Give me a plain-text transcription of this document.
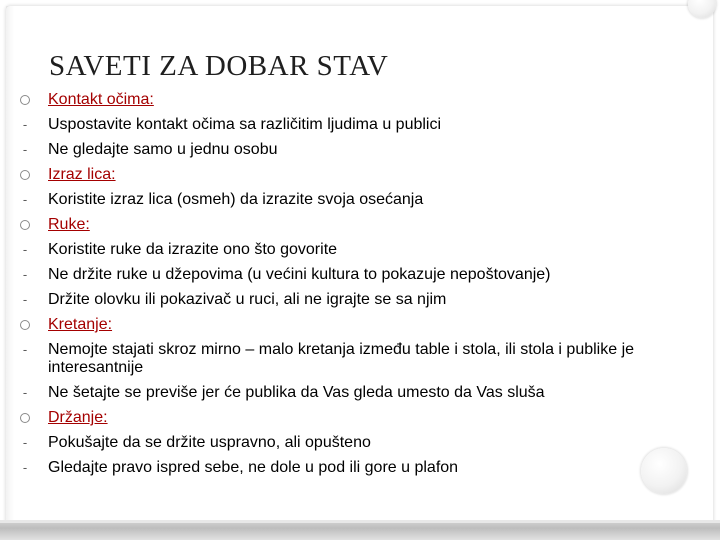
SAVETI ZA DOBAR STAV
Kontakt očima:
- Uspostavite kontakt očima sa različitim ljudima u publici
- Ne gledajte samo u jednu osobu
Izraz lica:
- Koristite izraz lica (osmeh) da izrazite svoja osećanja
Ruke:
- Koristite ruke da izrazite ono što govorite
- Ne držite ruke u džepovima (u većini kultura to pokazuje nepoštovanje)
- Držite olovku ili pokazivač u ruci, ali ne igrajte se sa njim
Kretanje:
- Nemojte stajati skroz mirno – malo kretanja između table i stola, ili stola i publike je interesantnije
- Ne šetajte se previše jer će publika da Vas gleda umesto da Vas sluša
Držanje:
- Pokušajte da se držite uspravno, ali opušteno
- Gledajte pravo ispred sebe, ne dole u pod ili gore u plafon
